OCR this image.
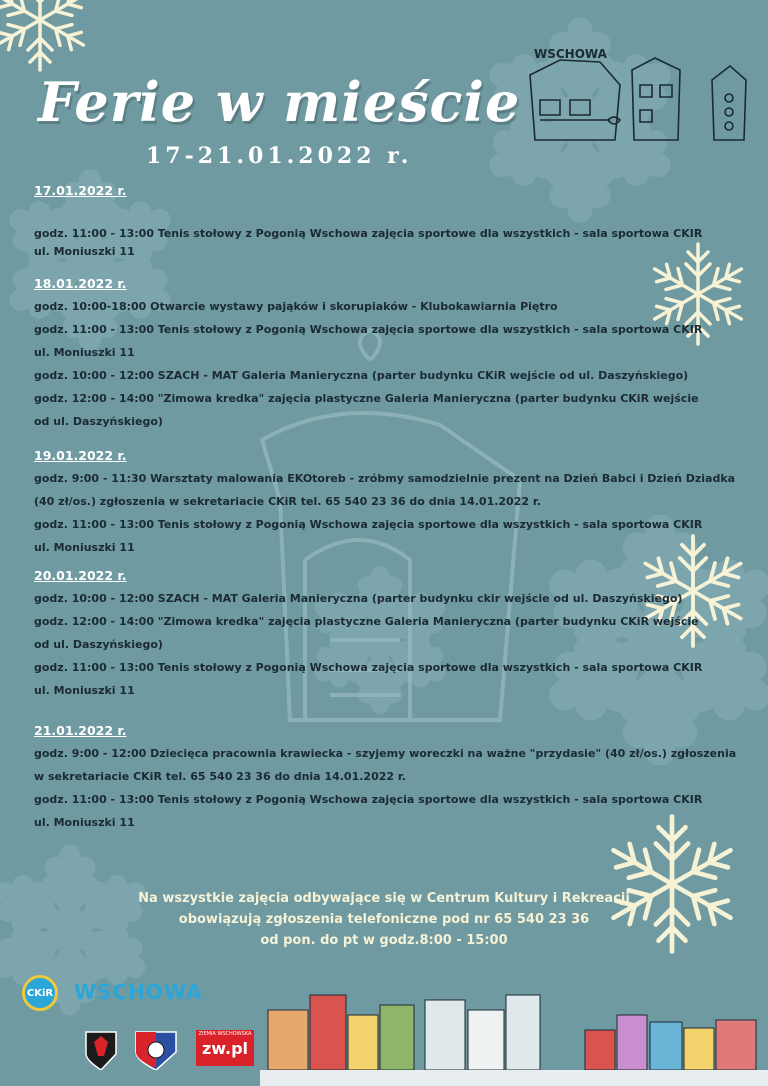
WSCHOWA
Ferie w mieście
17-21.01.2022 r.

17.01.2022 r.

godz. 11:00 - 13:00 Tenis stołowy z Pogonią Wschowa zajęcia sportowe dla wszystkich - sala sportowa CKIR

ul. Moniuszki 11

18.01.2022 r.

godz. 10:00-18:00 Otwarcie wystawy pająków i skorupiaków - Klubokawiarnia Piętro

godz. 11:00 - 13:00 Tenis stołowy z Pogonią Wschowa zajęcia sportowe dla wszystkich - sala sportowa CKIR

ul. Moniuszki 11

godz. 10:00 - 12:00 SZACH - MAT Galeria Manieryczna (parter budynku CKiR wejście od ul. Daszyńskiego)

godz. 12:00 - 14:00 "Zimowa kredka" zajęcia plastyczne Galeria Manieryczna (parter budynku CKiR wejście

od ul. Daszyńskiego)

19.01.2022 r.

godz. 9:00 - 11:30 Warsztaty malowania EKOtoreb - zróbmy samodzielnie prezent na Dzień Babci i Dzień Dziadka

(40 zł/os.) zgłoszenia w sekretariacie CKiR tel. 65 540 23 36 do dnia 14.01.2022 r.

godz. 11:00 - 13:00 Tenis stołowy z Pogonią Wschowa zajęcia sportowe dla wszystkich - sala sportowa CKIR

ul. Moniuszki 11

20.01.2022 r.

godz. 10:00 - 12:00 SZACH - MAT Galeria Manieryczna (parter budynku ckir wejście od ul. Daszyńskiego)

godz. 12:00 - 14:00 "Zimowa kredka" zajęcia plastyczne Galeria Manieryczna (parter budynku CKiR wejście

od ul. Daszyńskiego)

godz. 11:00 - 13:00 Tenis stołowy z Pogonią Wschowa zajęcia sportowe dla wszystkich - sala sportowa CKIR

ul. Moniuszki 11

21.01.2022 r.

godz. 9:00 - 12:00 Dziecięca pracownia krawiecka - szyjemy woreczki na ważne "przydasie" (40 zł/os.) zgłoszenia

w sekretariacie CKiR tel. 65 540 23 36 do dnia 14.01.2022 r.

godz. 11:00 - 13:00 Tenis stołowy z Pogonią Wschowa zajęcia sportowe dla wszystkich - sala sportowa CKIR

ul. Moniuszki 11

Na wszystkie zajęcia odbywające się w Centrum Kultury i Rekreacji
obowiązują zgłoszenia telefoniczne pod nr 65 540 23 36
od pon. do pt w godz.8:00 - 15:00
CKiR WSCHOWA
ZIEMIA WSCHOWSKA
zw.pl
